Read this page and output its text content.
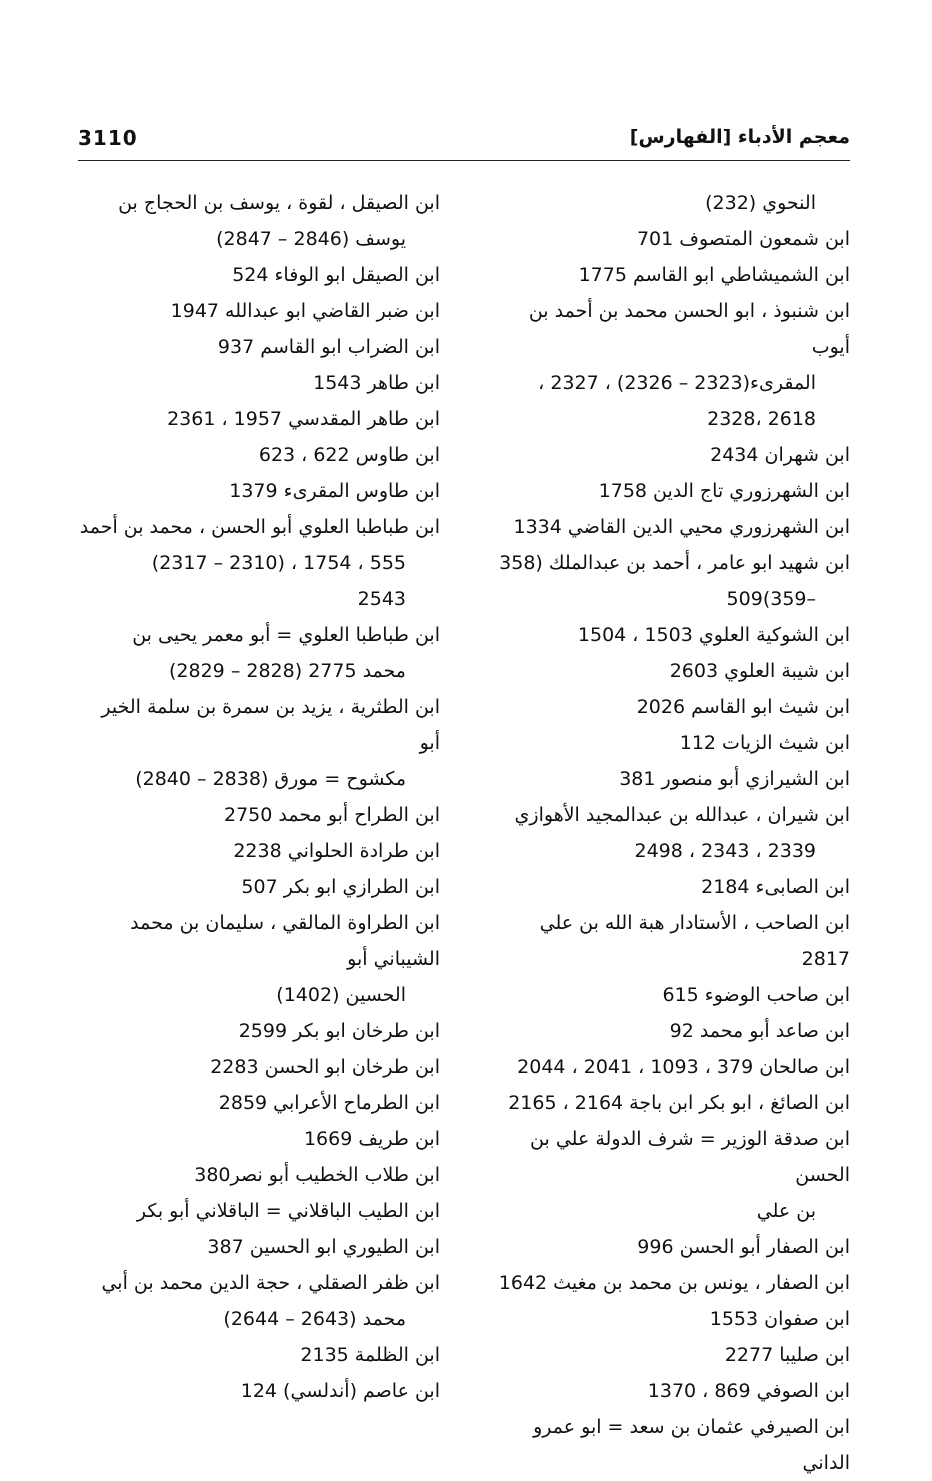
معجم الأدباء [الفهارس]
3110

النحوي (232)

ابن شمعون المتصوف 701

ابن الشميشاطي ابو القاسم 1775

ابن شنبوذ ، ابو الحسن محمد بن أحمد بن أيوب
المقرىء(2323 – 2326) ، 2327 ،
2618 ،2328

ابن شهران 2434

ابن الشهرزوري تاج الدين 1758

ابن الشهرزوري محيي الدين القاضي 1334

ابن شهيد ابو عامر ، أحمد بن عبدالملك (358
–359)509

ابن الشوكية العلوي 1503 ، 1504

ابن شيبة العلوي 2603

ابن شيث ابو القاسم 2026

ابن شيث الزيات 112

ابن الشيرازي أبو منصور 381

ابن شيران ، عبدالله بن عبدالمجيد الأهوازي
2339 ، 2343 ، 2498

ابن الصابىء 2184

ابن الصاحب ، الأستادار هبة الله بن علي 2817

ابن صاحب الوضوء 615

ابن صاعد أبو محمد 92

ابن صالحان 379 ، 1093 ، 2041 ، 2044

ابن الصائغ ، ابو بكر ابن باجة 2164 ، 2165

ابن صدقة الوزير = شرف الدولة علي بن الحسن
بن علي

ابن الصفار أبو الحسن 996

ابن الصفار ، يونس بن محمد بن مغيث 1642

ابن صفوان 1553

ابن صليبا 2277

ابن الصوفي 869 ، 1370

ابن الصيرفي عثمان بن سعد = ابو عمرو الداني

ابن الصيقل ، لقوة ، يوسف بن الحجاج بن
يوسف (2846 – 2847)

ابن الصيقل ابو الوفاء 524

ابن ضبر القاضي ابو عبدالله 1947

ابن الضراب ابو القاسم 937

ابن طاهر 1543

ابن طاهر المقدسي 1957 ، 2361

ابن طاوس 622 ، 623

ابن طاوس المقرىء 1379

ابن طباطبا العلوي أبو الحسن ، محمد بن أحمد
555 ، 1754 ، (2310 – 2317)
2543

ابن طباطبا العلوي = أبو معمر يحيى بن
محمد 2775 (2828 – 2829)

ابن الطثرية ، يزيد بن سمرة بن سلمة الخير أبو
مكشوح = مورق (2838 – 2840)

ابن الطراح أبو محمد 2750

ابن طرادة الحلواني 2238

ابن الطرازي ابو بكر 507

ابن الطراوة المالقي ، سليمان بن محمد الشيباني أبو
الحسين (1402)

ابن طرخان ابو بكر 2599

ابن طرخان ابو الحسن 2283

ابن الطرماح الأعرابي 2859

ابن طريف 1669

ابن طلاب الخطيب أبو نصر380

ابن الطيب الباقلاني = الباقلاني أبو بكر

ابن الطيوري ابو الحسين 387

ابن ظفر الصقلي ، حجة الدين محمد بن أبي
محمد (2643 – 2644)

ابن الظلمة 2135

ابن عاصم (أندلسي) 124
